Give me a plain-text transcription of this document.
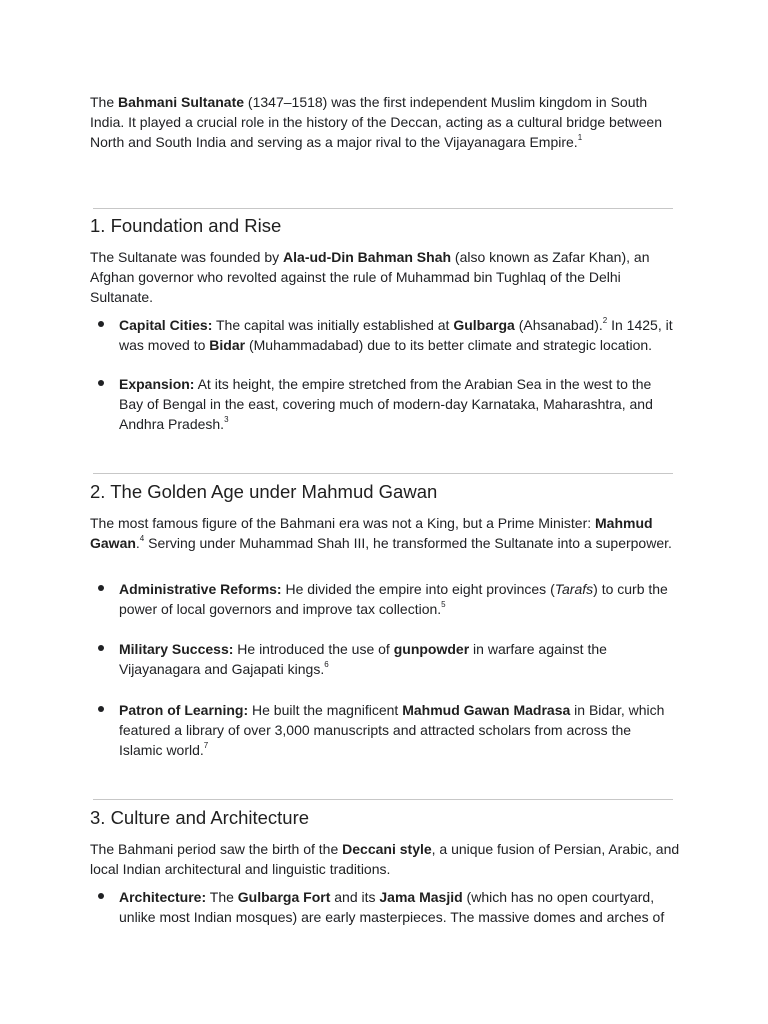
The Bahmani Sultanate (1347–1518) was the first independent Muslim kingdom in South India. It played a crucial role in the history of the Deccan, acting as a cultural bridge between North and South India and serving as a major rival to the Vijayanagara Empire.$^1$

1. Foundation and Rise

The Sultanate was founded by Ala-ud-Din Bahman Shah (also known as Zafar Khan), an Afghan governor who revolted against the rule of Muhammad bin Tughlaq of the Delhi Sultanate.

Capital Cities: The capital was initially established at Gulbarga (Ahsanabad).$^2$ In 1425, it was moved to Bidar (Muhammadabad) due to its better climate and strategic location.

Expansion: At its height, the empire stretched from the Arabian Sea in the west to the Bay of Bengal in the east, covering much of modern-day Karnataka, Maharashtra, and Andhra Pradesh.$^3$

2. The Golden Age under Mahmud Gawan

The most famous figure of the Bahmani era was not a King, but a Prime Minister: Mahmud Gawan.$^4$ Serving under Muhammad Shah III, he transformed the Sultanate into a superpower.

Administrative Reforms: He divided the empire into eight provinces (Tarafs) to curb the power of local governors and improve tax collection.$^5$

Military Success: He introduced the use of gunpowder in warfare against the Vijayanagara and Gajapati kings.$^6$

Patron of Learning: He built the magnificent Mahmud Gawan Madrasa in Bidar, which featured a library of over 3,000 manuscripts and attracted scholars from across the Islamic world.$^7$

3. Culture and Architecture

The Bahmani period saw the birth of the Deccani style, a unique fusion of Persian, Arabic, and local Indian architectural and linguistic traditions.

Architecture: The Gulbarga Fort and its Jama Masjid (which has no open courtyard, unlike most Indian mosques) are early masterpieces. The massive domes and arches of
